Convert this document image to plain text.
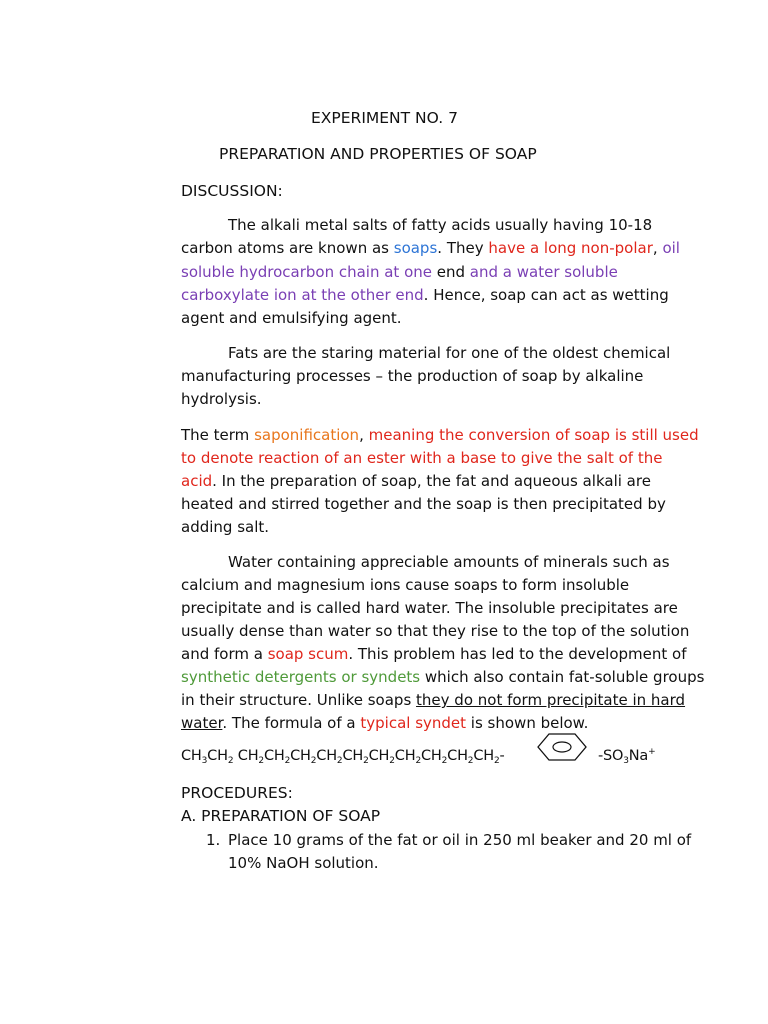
EXPERIMENT NO. 7
PREPARATION AND PROPERTIES OF SOAP
DISCUSSION:
The alkali metal salts of fatty acids usually having 10-18
carbon atoms are known as soaps. They have a long non-polar, oil
soluble hydrocarbon chain at one end and a water soluble
carboxylate ion at the other end. Hence, soap can act as wetting
agent and emulsifying agent.
Fats are the staring material for one of the oldest chemical
manufacturing processes – the production of soap by alkaline
hydrolysis.
The term saponification, meaning the conversion of soap is still used
to denote reaction of an ester with a base to give the salt of the
acid. In the preparation of soap, the fat and aqueous alkali are
heated and stirred together and the soap is then precipitated by
adding salt.
Water containing appreciable amounts of minerals such as
calcium and magnesium ions cause soaps to form insoluble
precipitate and is called hard water. The insoluble precipitates are
usually dense than water so that they rise to the top of the solution
and form a soap scum. This problem has led to the development of
synthetic detergents or syndets which also contain fat-soluble groups
in their structure. Unlike soaps they do not form precipitate in hard
water. The formula of a typical syndet is shown below.
$CH_3CH_2$ $CH_2CH_2CH_2CH_2CH_2CH_2CH_2CH_2CH_2CH_2-$	$-SO_3Na^+$
PROCEDURES:
A. PREPARATION OF SOAP
1. Place 10 grams of the fat or oil in 250 ml beaker and 20 ml of
10% NaOH solution.
